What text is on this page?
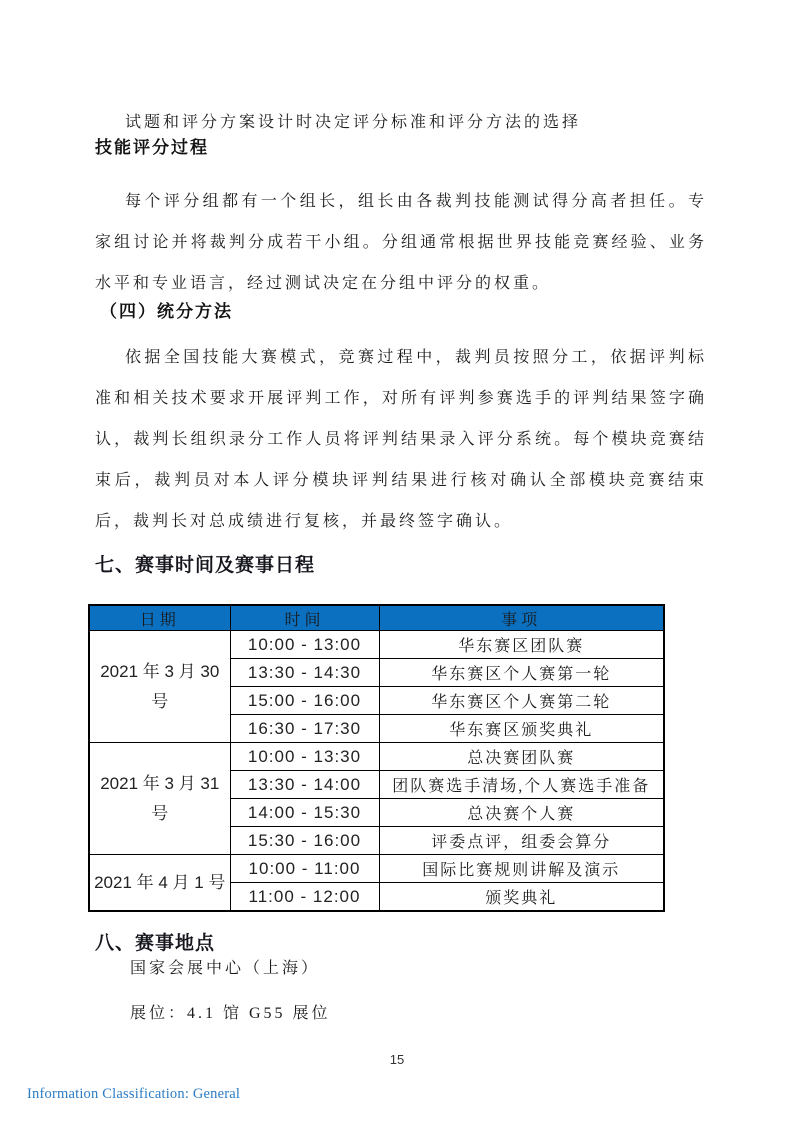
试题和评分方案设计时决定评分标准和评分方法的选择

技能评分过程

每个评分组都有一个组长，组长由各裁判技能测试得分高者担任。专家组讨论并将裁判分成若干小组。分组通常根据世界技能竞赛经验、业务水平和专业语言，经过测试决定在分组中评分的权重。

（四）统分方法

依据全国技能大赛模式，竞赛过程中，裁判员按照分工，依据评判标准和相关技术要求开展评判工作，对所有评判参赛选手的评判结果签字确认，裁判长组织录分工作人员将评判结果录入评分系统。每个模块竞赛结束后，裁判员对本人评分模块评判结果进行核对确认全部模块竞赛结束后，裁判长对总成绩进行复核，并最终签字确认。

七、赛事时间及赛事日程
日期	时间	事项
2021 年 3 月 30 号	10:00 - 13:00	华东赛区团队赛
	13:30 - 14:30	华东赛区个人赛第一轮
	15:00 - 16:00	华东赛区个人赛第二轮
	16:30 - 17:30	华东赛区颁奖典礼
2021 年 3 月 31 号	10:00 - 13:30	总决赛团队赛
	13:30 - 14:00	团队赛选手清场,个人赛选手准备
	14:00 - 15:30	总决赛个人赛
	15:30 - 16:00	评委点评，组委会算分
2021 年 4 月 1 号	10:00 - 11:00	国际比赛规则讲解及演示
	11:00 - 12:00	颁奖典礼
八、赛事地点
国家会展中心（上海）
展位：4.1 馆 G55 展位
15
Information Classification: General
